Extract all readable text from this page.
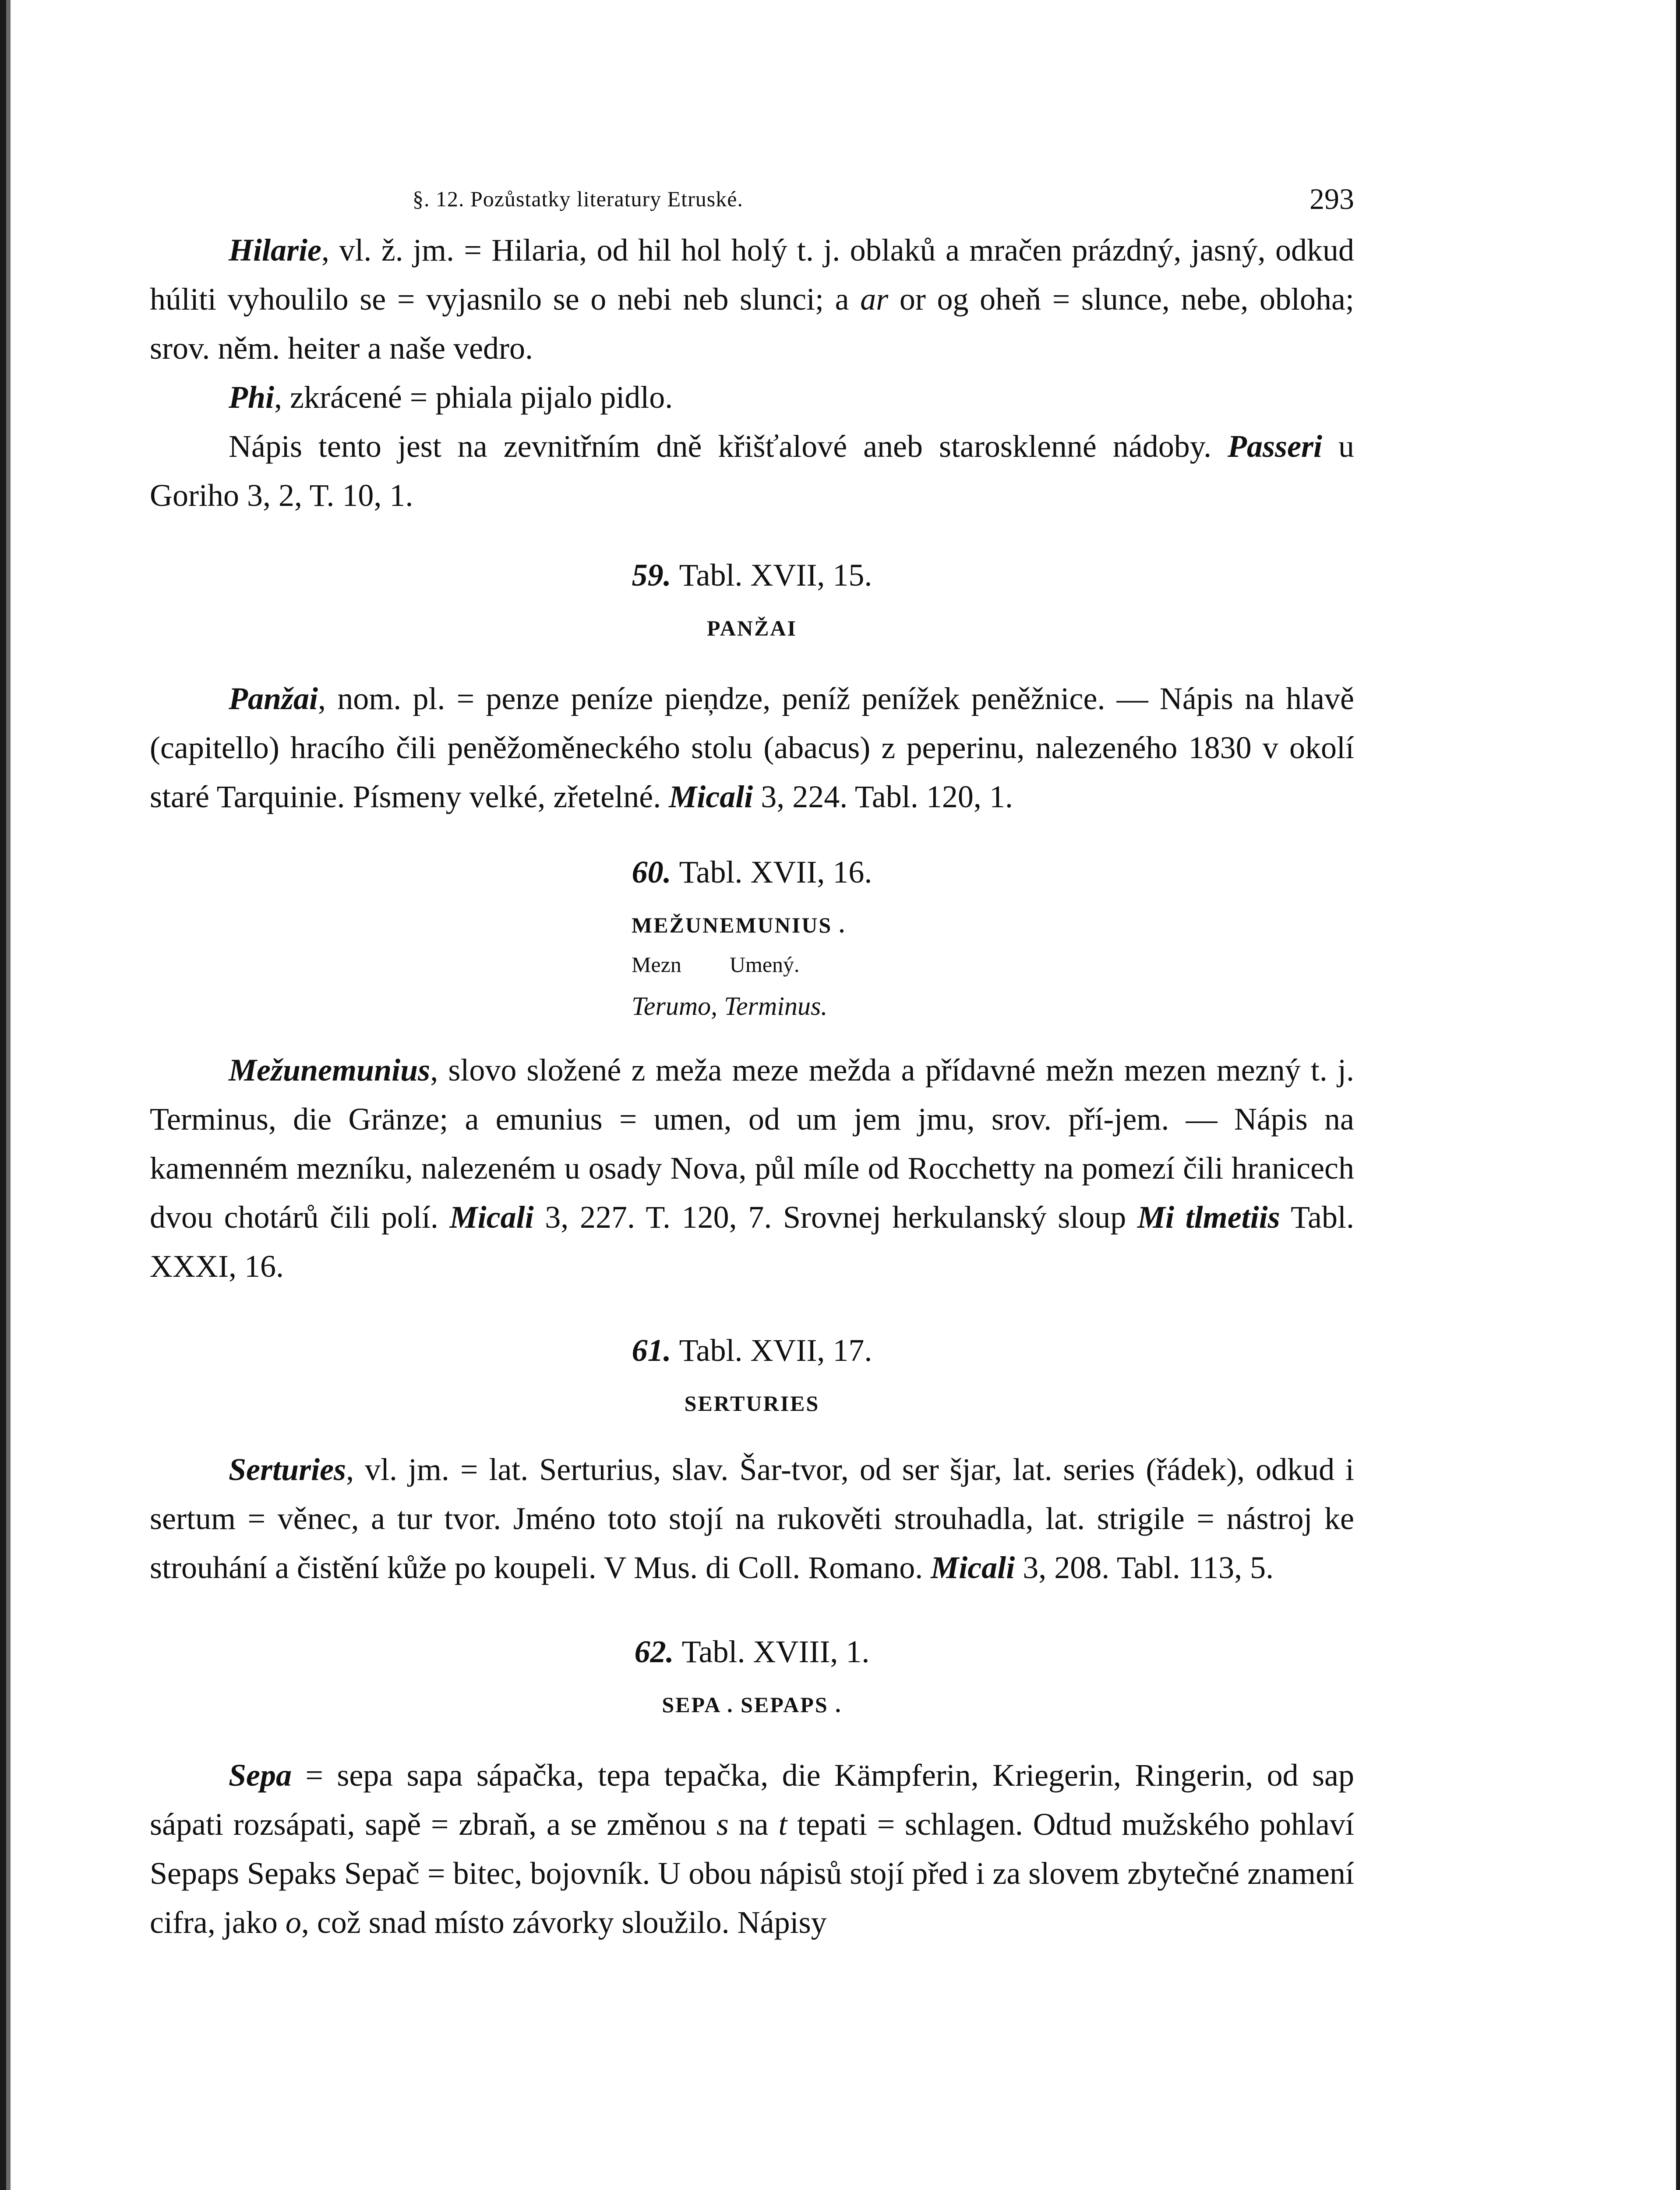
§. 12. Pozůstatky literatury Etruské.	293

Hilarie, vl. ž. jm. = Hilaria, od hil hol holý t. j. oblaků a mračen prázdný, jasný, odkud húliti vyhoulilo se = vyjasnilo se o nebi neb slunci; a ar or og oheň = slunce, nebe, obloha; srov. něm. heiter a naše vedro.

Phi, zkrácené = phiala pijalo pidlo.

Nápis tento jest na zevnitřním dně křišťalové aneb starosklenné nádoby. Passeri u Goriho 3, 2, T. 10, 1.

59. Tabl. XVII, 15.

PANŽAI

Panžai, nom. pl. = penze peníze pieņdze, peníž penížek peněžnice. — Nápis na hlavě (capitello) hracího čili peněžoměneckého stolu (abacus) z peperinu, nalezeného 1830 v okolí staré Tarquinie. Písmeny velké, zřetelné. Micali 3, 224. Tabl. 120, 1.

60. Tabl. XVII, 16.

MEŽUNEMUNIUS .

Mezn Umený.

Terumo, Terminus.

Mežunemunius, slovo složené z meža meze mežda a přídavné mežn mezen mezný t. j. Terminus, die Gränze; a emunius = umen, od um jem jmu, srov. pří-jem. — Nápis na kamenném mezníku, nalezeném u osady Nova, půl míle od Rocchetty na pomezí čili hranicech dvou chotárů čili polí. Micali 3, 227. T. 120, 7. Srovnej herkulanský sloup Mi tlmetiis Tabl. XXXI, 16.

61. Tabl. XVII, 17.

SERTURIES

Serturies, vl. jm. = lat. Serturius, slav. Šar-tvor, od ser šjar, lat. series (řádek), odkud i sertum = věnec, a tur tvor. Jméno toto stojí na rukověti strouhadla, lat. strigile = nástroj ke strouhání a čistění kůže po koupeli. V Mus. di Coll. Romano. Micali 3, 208. Tabl. 113, 5.

62. Tabl. XVIII, 1.

SEPA . SEPAPS .

Sepa = sepa sapa sápačka, tepa tepačka, die Kämpferin, Kriegerin, Ringerin, od sap sápati rozsápati, sapě = zbraň, a se změnou s na t tepati = schlagen. Odtud mužského pohlaví Sepaps Sepaks Sepač = bitec, bojovník. U obou nápisů stojí před i za slovem zbytečné znamení cifra, jako o, což snad místo závorky sloužilo. Nápisy
